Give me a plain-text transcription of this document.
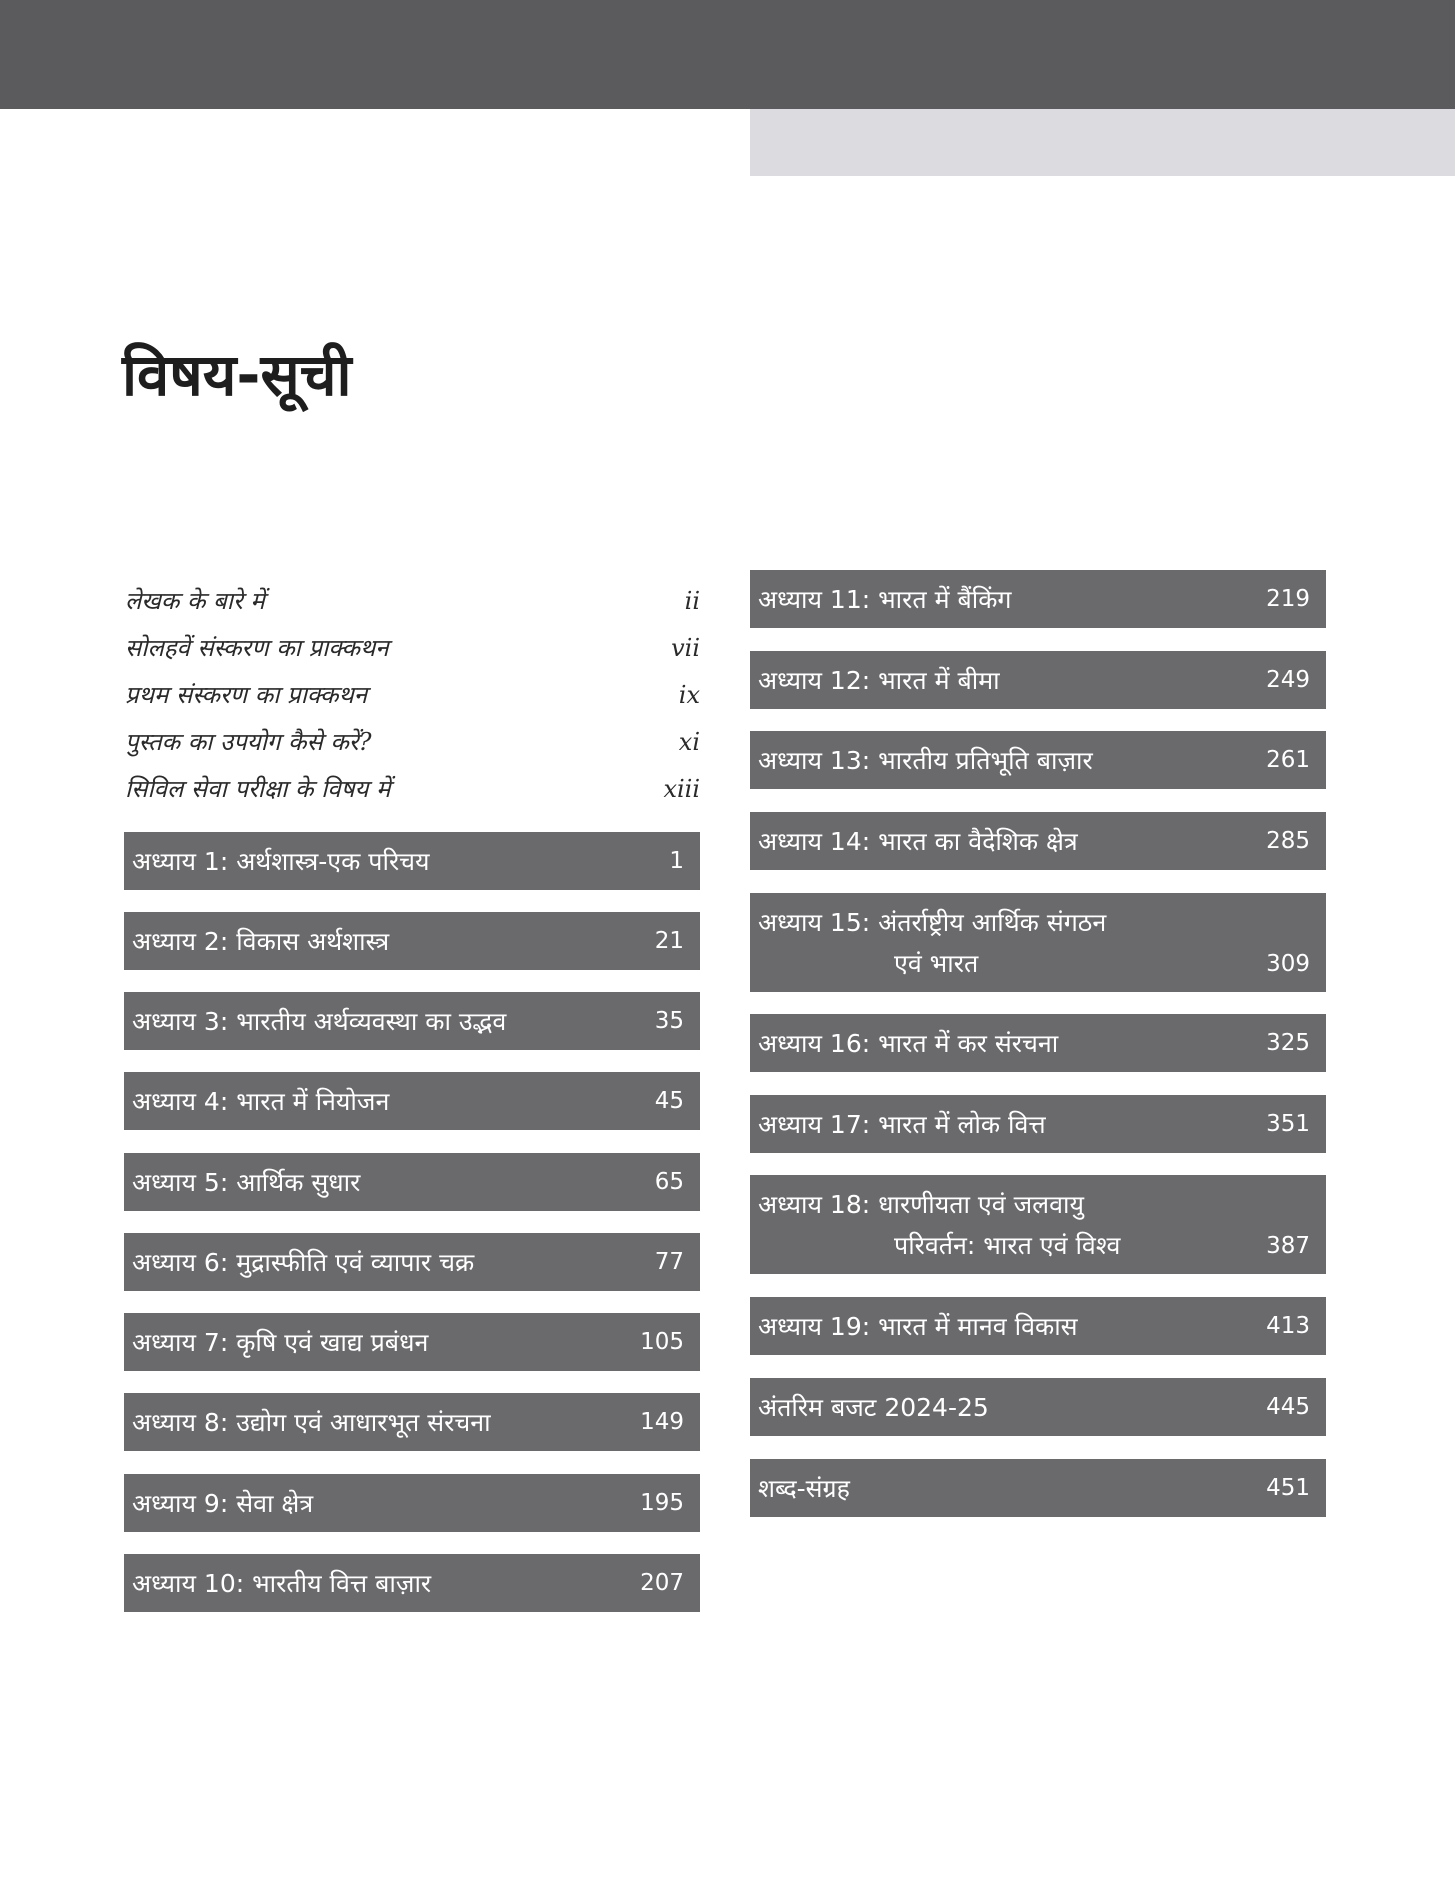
विषय-सूची
लेखक के बारे में	ii
सोलहवें संस्करण का प्राक्कथन	vii
प्रथम संस्करण का प्राक्कथन	ix
पुस्तक का उपयोग कैसे करें?	xi
सिविल सेवा परीक्षा के विषय में	xiii
अध्याय 1: अर्थशास्त्र-एक परिचय	1
अध्याय 2: विकास अर्थशास्त्र	21
अध्याय 3: भारतीय अर्थव्यवस्था का उद्भव	35
अध्याय 4: भारत में नियोजन	45
अध्याय 5: आर्थिक सुधार	65
अध्याय 6: मुद्रास्फीति एवं व्यापार चक्र	77
अध्याय 7: कृषि एवं खाद्य प्रबंधन	105
अध्याय 8: उद्योग एवं आधारभूत संरचना	149
अध्याय 9: सेवा क्षेत्र	195
अध्याय 10: भारतीय वित्त बाज़ार	207
अध्याय 11: भारत में बैंकिंग	219
अध्याय 12: भारत में बीमा	249
अध्याय 13: भारतीय प्रतिभूति बाज़ार	261
अध्याय 14: भारत का वैदेशिक क्षेत्र	285
अध्याय 15: अंतर्राष्ट्रीय आर्थिक संगठन
एवं भारत	309
अध्याय 16: भारत में कर संरचना	325
अध्याय 17: भारत में लोक वित्त	351
अध्याय 18: धारणीयता एवं जलवायु
परिवर्तन: भारत एवं विश्व	387
अध्याय 19: भारत में मानव विकास	413
अंतरिम बजट 2024-25	445
शब्द-संग्रह	451
